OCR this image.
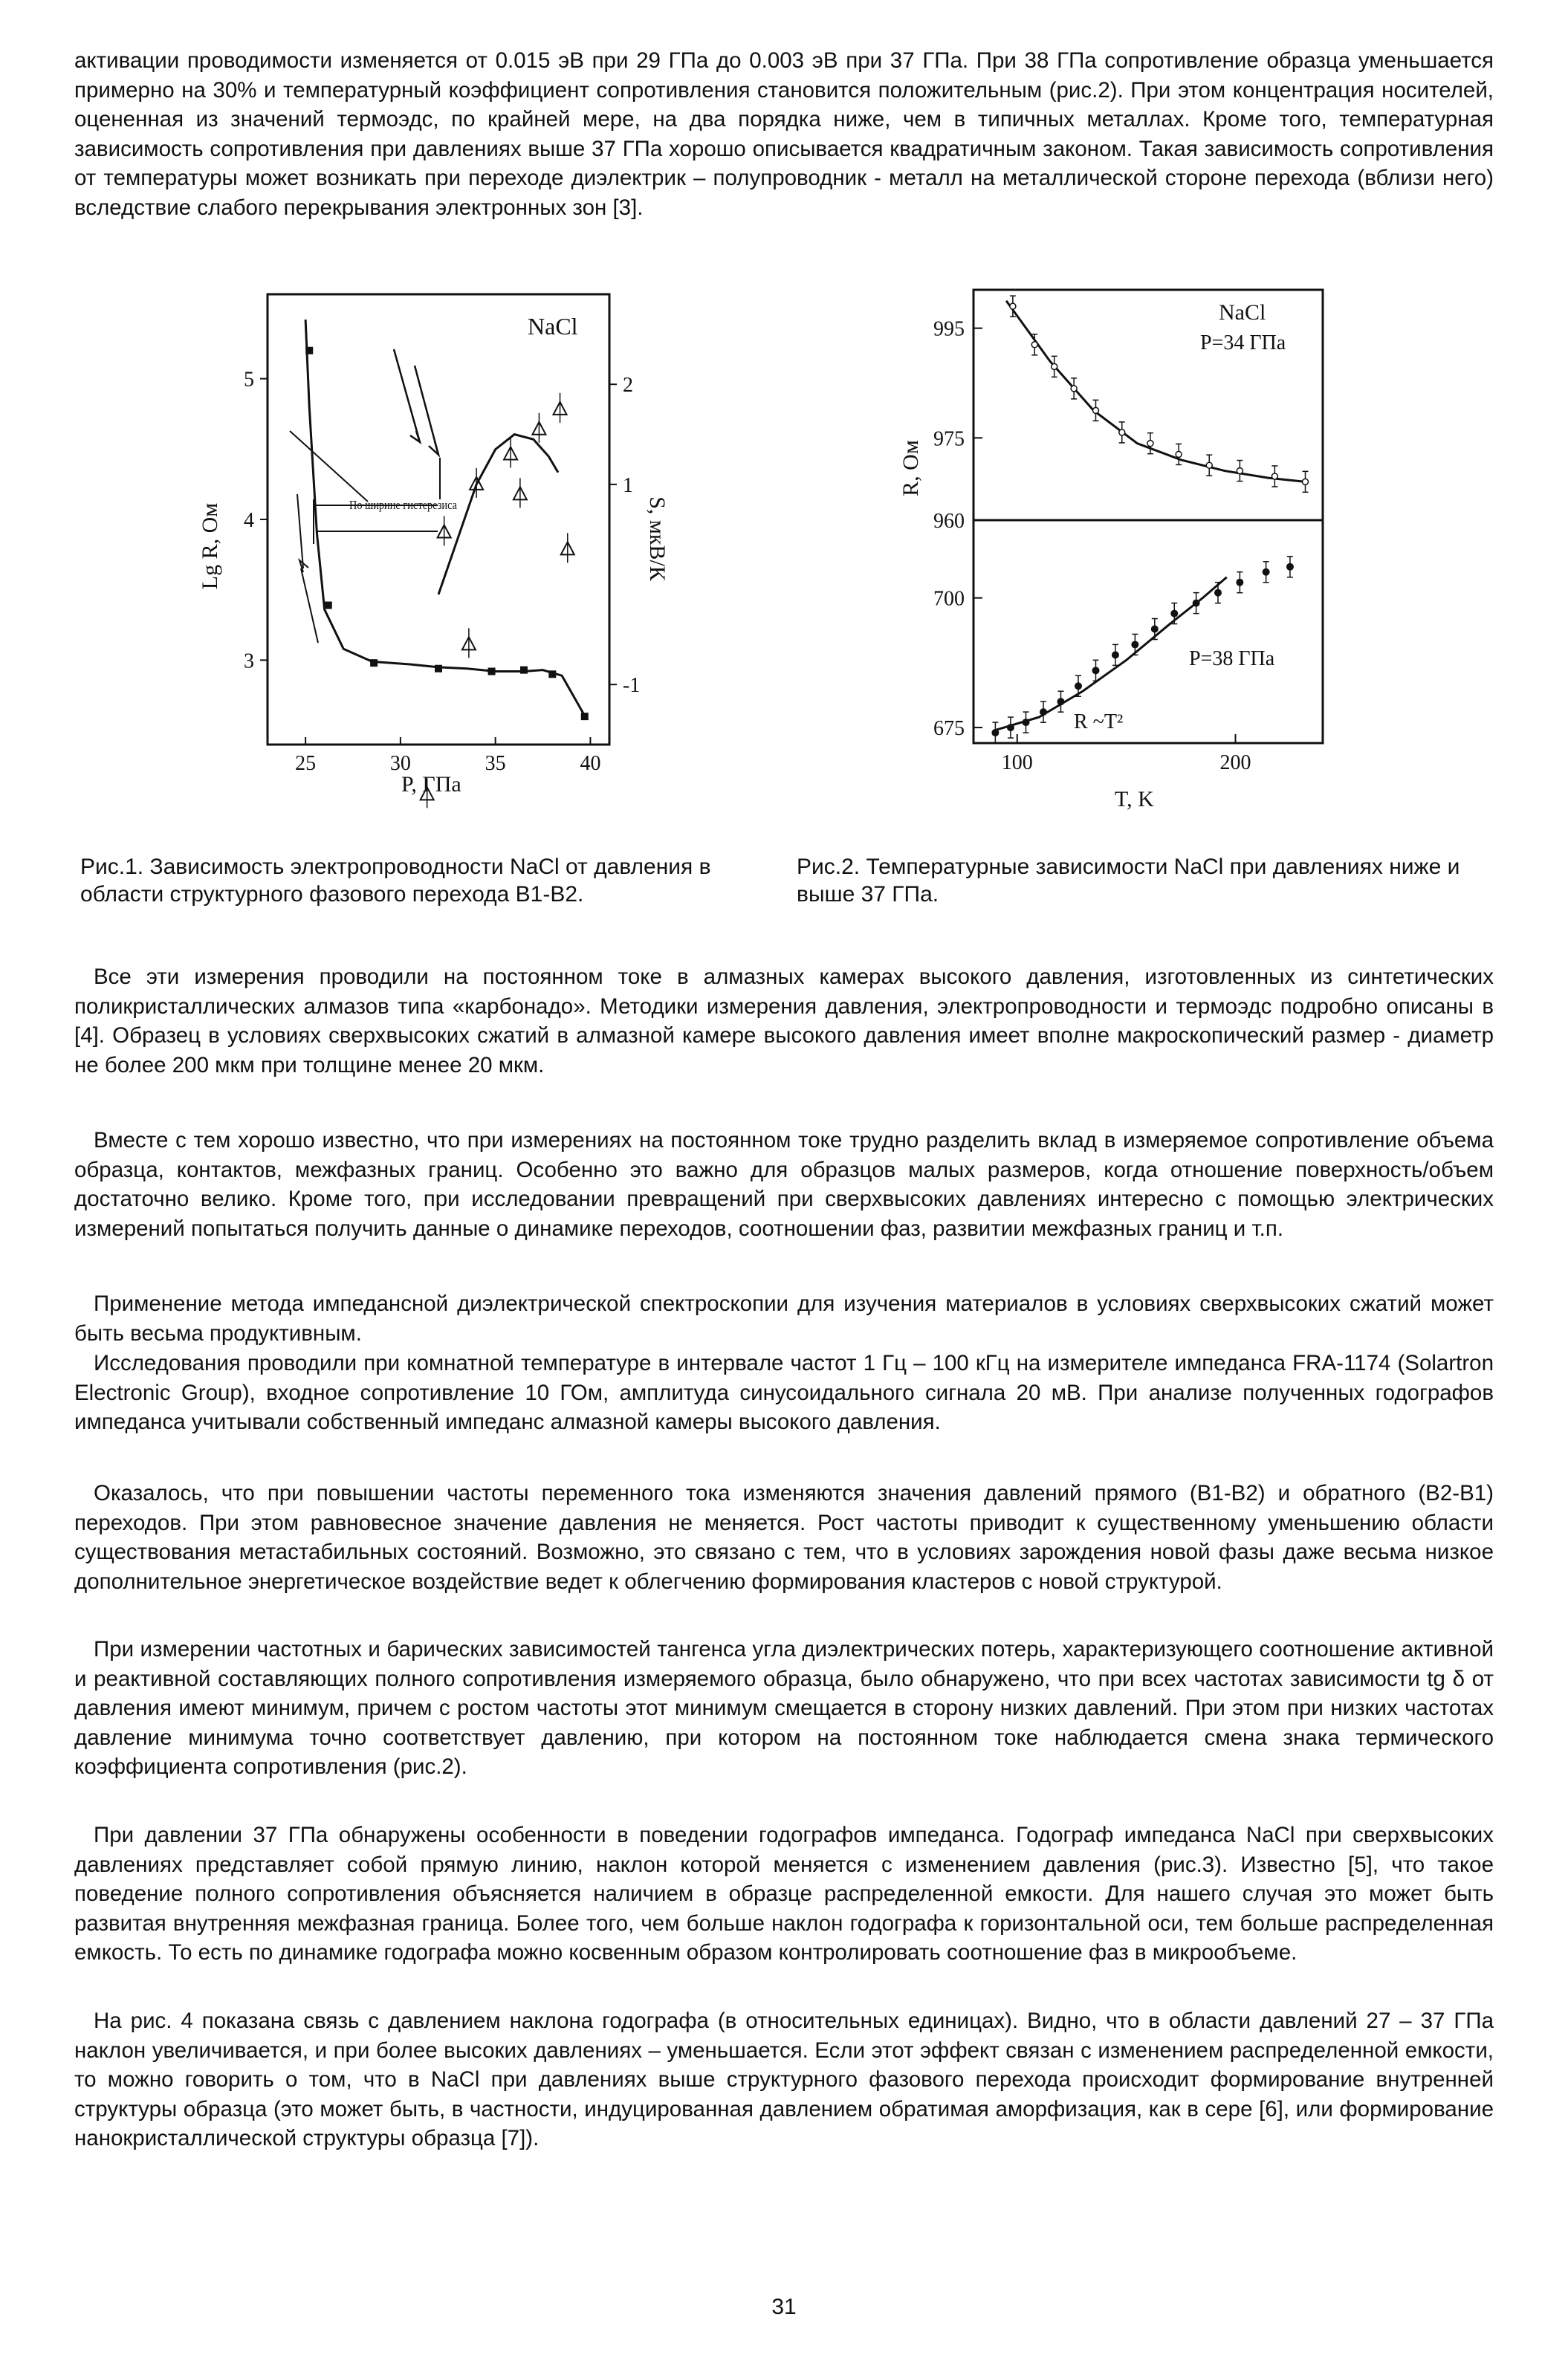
активации проводимости изменяется от 0.015 эВ при 29 ГПа до 0.003 эВ при 37 ГПа. При 38 ГПа сопротивление образца уменьшается примерно на 30% и температурный коэффициент сопротивления становится положительным (рис.2). При этом концентрация носителей, оцененная из значений термоэдс, по крайней мере, на два порядка ниже, чем в типичных металлах. Кроме того, температурная зависимость сопротивления при давлениях выше 37 ГПа хорошо описывается квадратичным законом. Такая зависимость сопротивления от температуры может возникать при переходе диэлектрик – полупроводник - металл на металлической стороне перехода (вблизи него) вследствие слабого перекрывания электронных зон [3].
25	30	35	40
3
4
5	2
1
-1
По ширине гистерезиса
NaCl
P, ГПа
Lg R, Ом	S, мкВ/К
100	200
995
975
960
700
675
NaCl
P=34 ГПа
P=38 ГПа
R ~T²
T, K
R, Ом
Рис.1. Зависимость электропроводности NaCl от давления в области структурного фазового перехода В1-В2.
Рис.2. Температурные зависимости NaCl при давлениях ниже и выше 37 ГПа.
Все эти измерения проводили на постоянном токе в алмазных камерах высокого давления, изготовленных из синтетических поликристаллических алмазов типа «карбонадо». Методики измерения давления, электропроводности и термоэдс подробно описаны в [4]. Образец в условиях сверхвысоких сжатий в алмазной камере высокого давления имеет вполне макроскопический размер - диаметр не более 200 мкм при толщине менее 20 мкм.
Вместе с тем хорошо известно, что при измерениях на постоянном токе трудно разделить вклад в измеряемое сопротивление объема образца, контактов, межфазных границ. Особенно это важно для образцов малых размеров, когда отношение поверхность/объем достаточно велико. Кроме того, при исследовании превращений при сверхвысоких давлениях интересно с помощью электрических измерений попытаться получить данные о динамике переходов, соотношении фаз, развитии межфазных границ и т.п.
Применение метода импедансной диэлектрической спектроскопии для изучения материалов в условиях сверхвысоких сжатий может быть весьма продуктивным.
Исследования проводили при комнатной температуре в интервале частот 1 Гц – 100 кГц на измерителе импеданса FRA-1174 (Solartron Electronic Group), входное сопротивление 10 ГОм, амплитуда синусоидального сигнала 20 мВ. При анализе полученных годографов импеданса учитывали собственный импеданс алмазной камеры высокого давления.
Оказалось, что при повышении частоты переменного тока изменяются значения давлений прямого (В1-В2) и обратного (В2-В1) переходов. При этом равновесное значение давления не меняется. Рост частоты приводит к существенному уменьшению области существования метастабильных состояний. Возможно, это связано с тем, что в условиях зарождения новой фазы даже весьма низкое дополнительное энергетическое воздействие ведет к облегчению формирования кластеров с новой структурой.
При измерении частотных и барических зависимостей тангенса угла диэлектрических потерь, характеризующего соотношение активной и реактивной составляющих полного сопротивления измеряемого образца, было обнаружено, что при всех частотах зависимости tg δ от давления имеют минимум, причем с ростом частоты этот минимум смещается в сторону низких давлений. При этом при низких частотах давление минимума точно соответствует давлению, при котором на постоянном токе наблюдается смена знака термического коэффициента сопротивления (рис.2).
При давлении 37 ГПа обнаружены особенности в поведении годографов импеданса. Годограф импеданса NaCl при сверхвысоких давлениях представляет собой прямую линию, наклон которой меняется с изменением давления (рис.3). Известно [5], что такое поведение полного сопротивления объясняется наличием в образце распределенной емкости. Для нашего случая это может быть развитая внутренняя межфазная граница. Более того, чем больше наклон годографа к горизонтальной оси, тем больше распределенная емкость. То есть по динамике годографа можно косвенным образом контролировать соотношение фаз в микрообъеме.
На рис. 4 показана связь с давлением наклона годографа (в относительных единицах). Видно, что в области давлений 27 – 37 ГПа наклон увеличивается, и при более высоких давлениях – уменьшается. Если этот эффект связан с изменением распределенной емкости, то можно говорить о том, что в NaCl при давлениях выше структурного фазового перехода происходит формирование внутренней структуры образца (это может быть, в частности, индуцированная давлением обратимая аморфизация, как в сере [6], или формирование нанокристаллической структуры образца [7]).
31
